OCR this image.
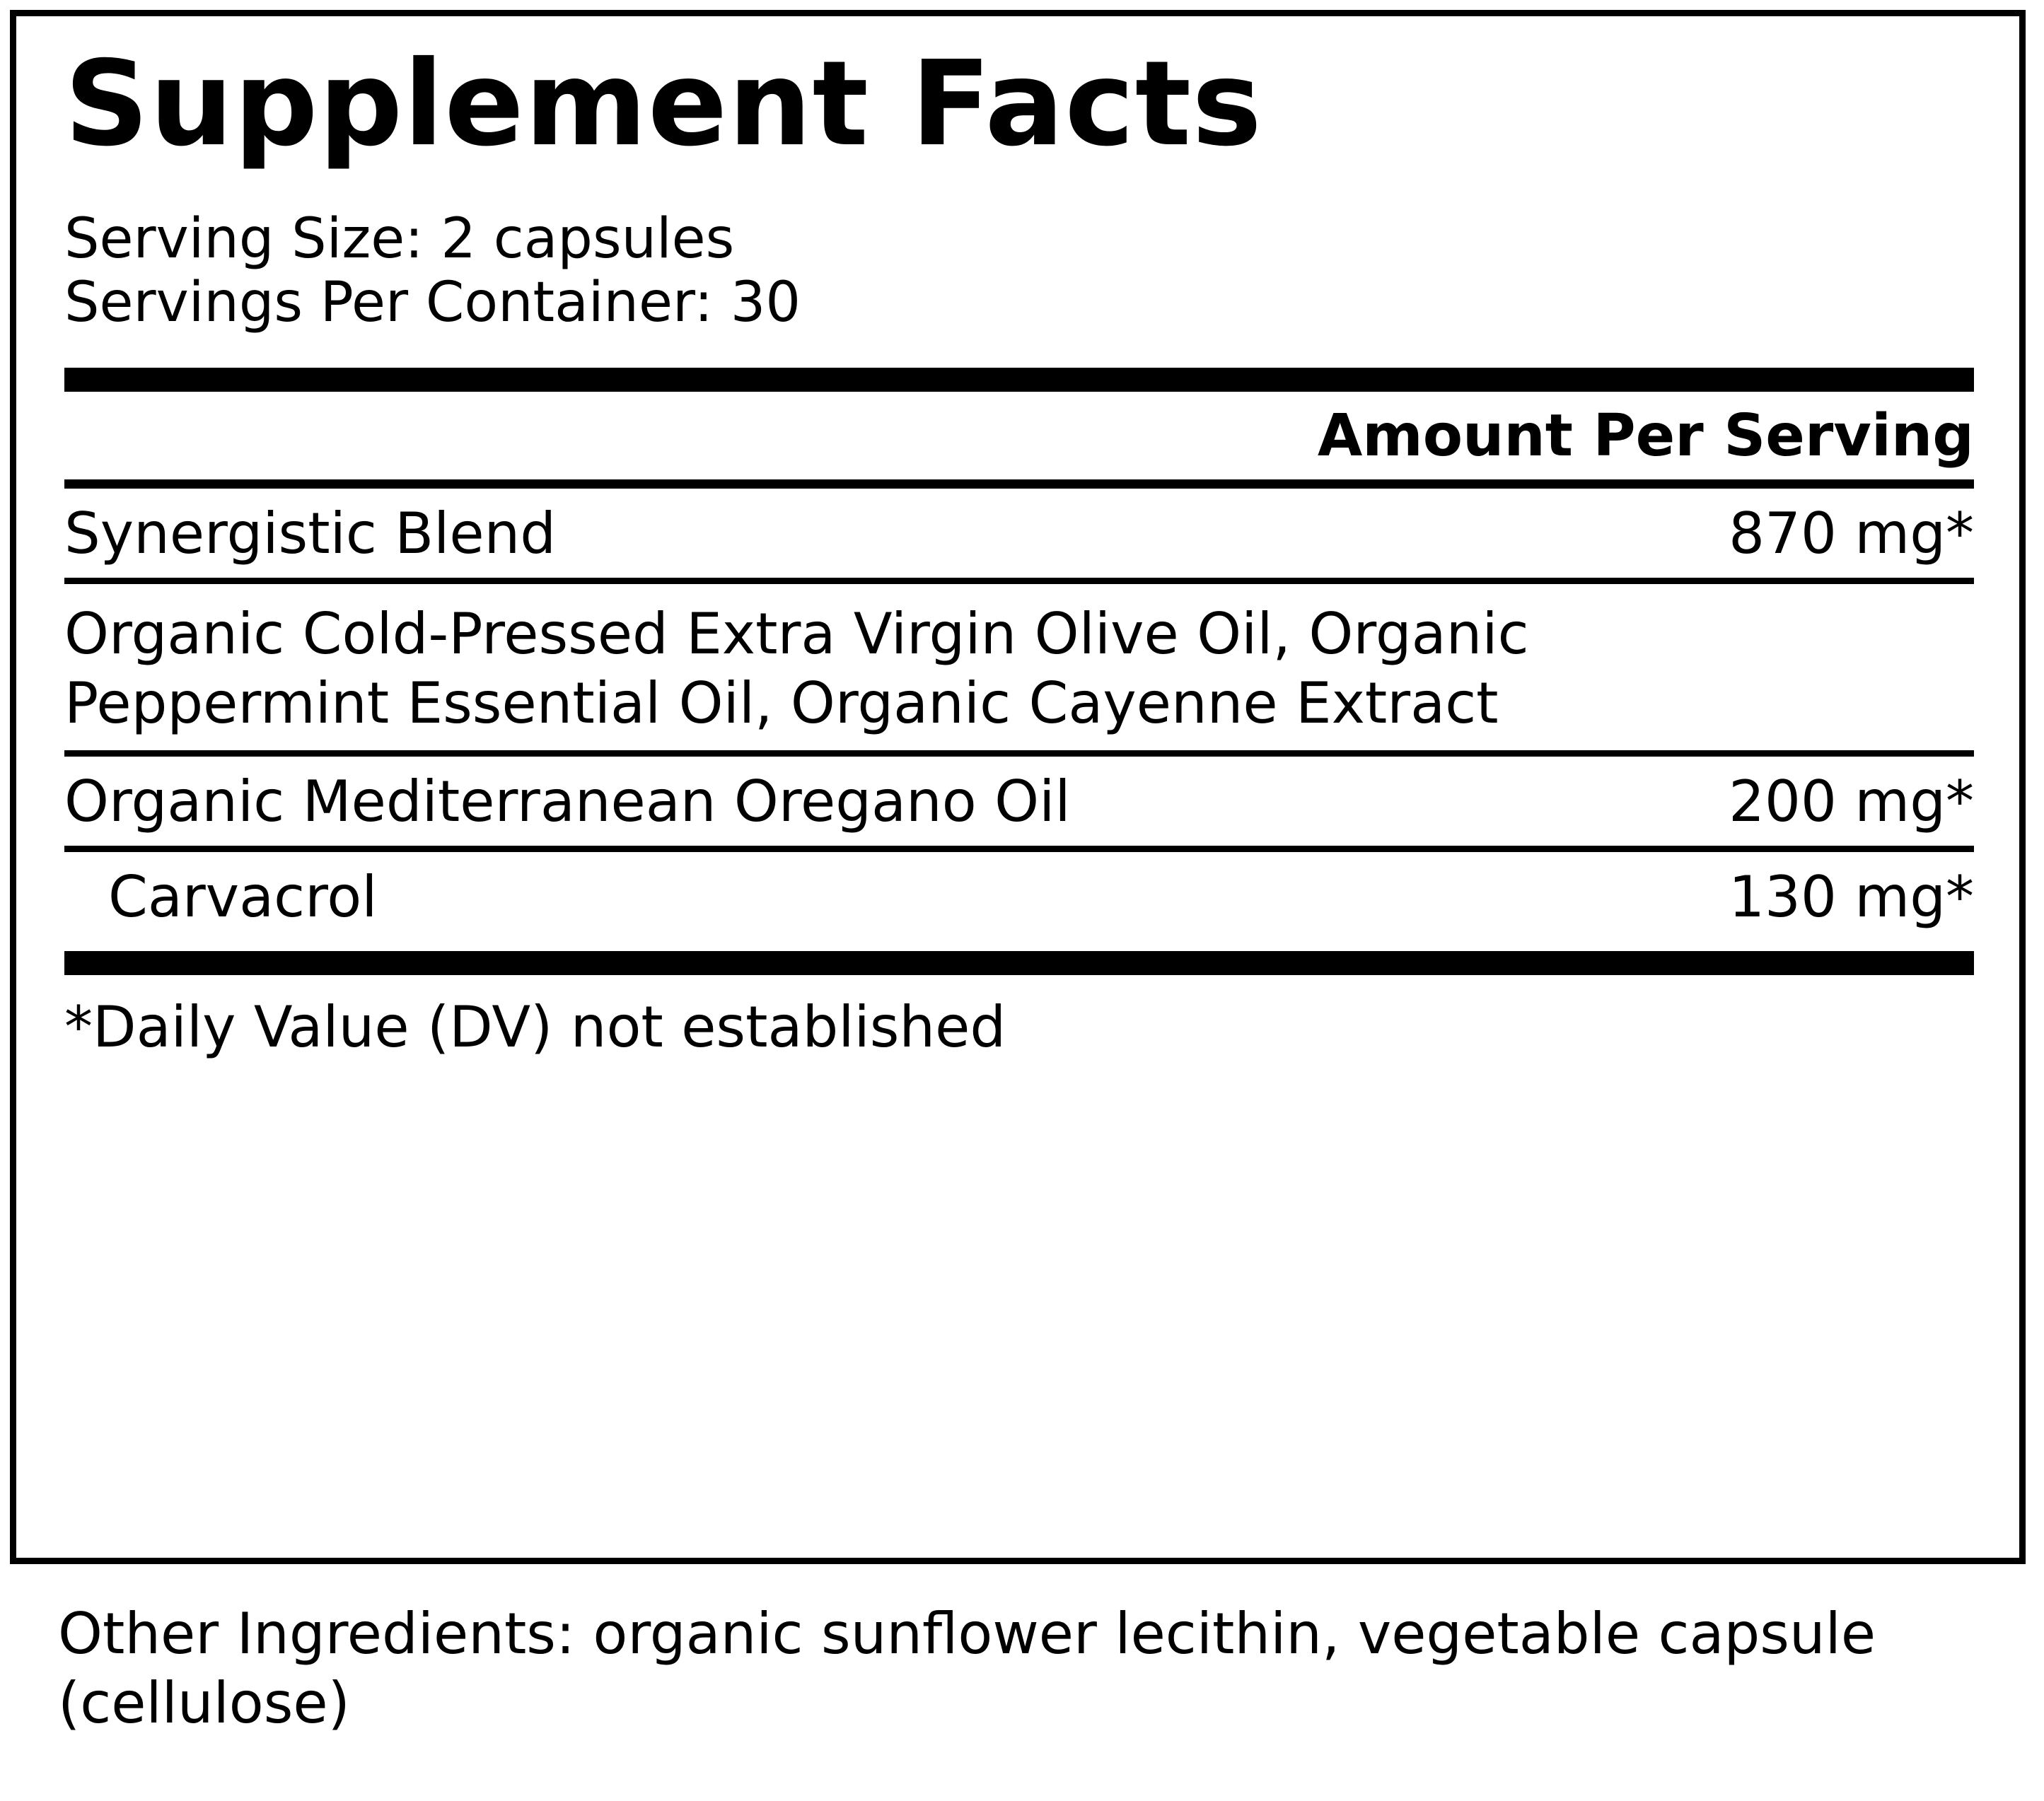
Supplement Facts
Serving Size: 2 capsules
Servings Per Container: 30
Amount Per Serving
Synergistic Blend	870 mg*
Organic Cold-Pressed Extra Virgin Olive Oil, Organic Peppermint Essential Oil, Organic Cayenne Extract
Organic Mediterranean Oregano Oil	200 mg*
Carvacrol	130 mg*
*Daily Value (DV) not established
Other Ingredients: organic sunflower lecithin, vegetable capsule (cellulose)
